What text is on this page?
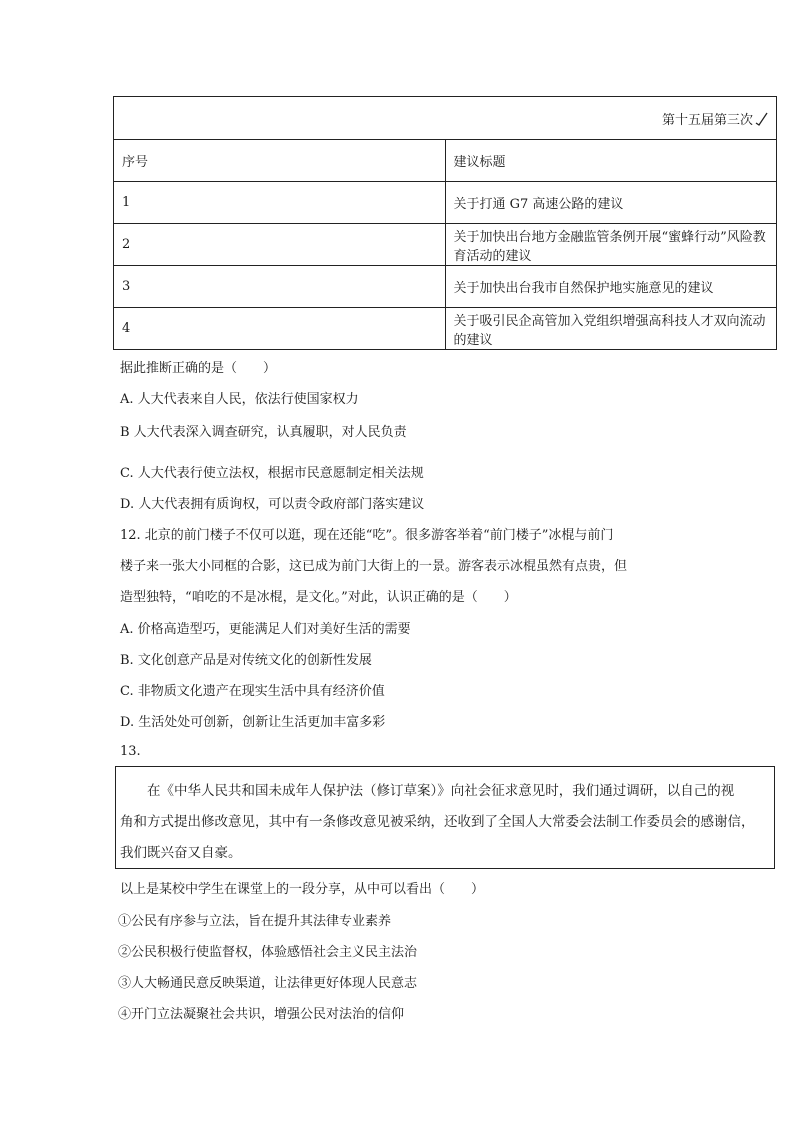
第十五届第三次	
序号	建议标题
1	关于打通 G7 高速公路的建议
2	关于加快出台地方金融监管条例开展“蜜蜂行动”风险教育活动的建议
3	关于加快出台我市自然保护地实施意见的建议
4	关于吸引民企高管加入党组织增强高科技人才双向流动的建议
据此推断正确的是（　　）
A. 人大代表来自人民，依法行使国家权力
B 人大代表深入调查研究，认真履职，对人民负责
C. 人大代表行使立法权，根据市民意愿制定相关法规
D. 人大代表拥有质询权，可以责令政府部门落实建议
12. 北京的前门楼子不仅可以逛，现在还能“吃”。很多游客举着“前门楼子”冰棍与前门
楼子来一张大小同框的合影，这已成为前门大街上的一景。游客表示冰棍虽然有点贵，但
造型独特，“咱吃的不是冰棍，是文化。”对此，认识正确的是（　　）
A. 价格高造型巧，更能满足人们对美好生活的需要
B. 文化创意产品是对传统文化的创新性发展
C. 非物质文化遗产在现实生活中具有经济价值
D. 生活处处可创新，创新让生活更加丰富多彩
13.
在《中华人民共和国未成年人保护法（修订草案）》向社会征求意见时，我们通过调研，以自己的视
角和方式提出修改意见，其中有一条修改意见被采纳，还收到了全国人大常委会法制工作委员会的感谢信，
我们既兴奋又自豪。
以上是某校中学生在课堂上的一段分享，从中可以看出（　　）
①公民有序参与立法，旨在提升其法律专业素养
②公民积极行使监督权，体验感悟社会主义民主法治
③人大畅通民意反映渠道，让法律更好体现人民意志
④开门立法凝聚社会共识，增强公民对法治的信仰
